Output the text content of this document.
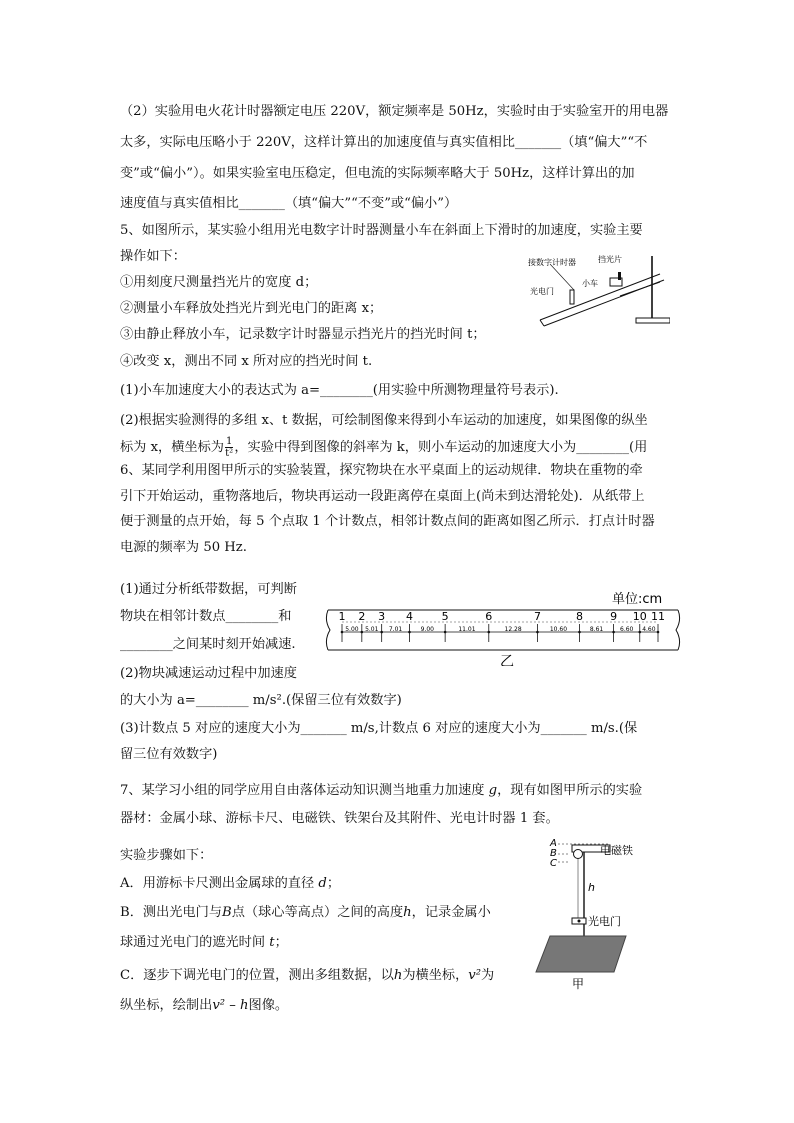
（2）实验用电火花计时器额定电压 220V，额定频率是 50Hz，实验时由于实验室开的用电器
太多，实际电压略小于 220V，这样计算出的加速度值与真实值相比_______（填“偏大”“不
变”或“偏小”）。如果实验室电压稳定，但电流的实际频率略大于 50Hz，这样计算出的加
速度值与真实值相比_______（填“偏大”“不变”或“偏小”）
5、如图所示，某实验小组用光电数字计时器测量小车在斜面上下滑时的加速度，实验主要
操作如下：
①用刻度尺测量挡光片的宽度 d；
②测量小车释放处挡光片到光电门的距离 x；
③由静止释放小车，记录数字计时器显示挡光片的挡光时间 t；
④改变 x，测出不同 x 所对应的挡光时间 t.
(1)小车加速度大小的表达式为 a=________(用实验中所测物理量符号表示).
(2)根据实验测得的多组 x、t 数据，可绘制图像来得到小车运动的加速度，如果图像的纵坐
标为 x，横坐标为 $\frac{1}{\text{t²}}$ ，实验中得到图像的斜率为 k，则小车运动的加速度大小为________(用
接数字计时器	挡光片
小车
光电门
6、某同学利用图甲所示的实验装置，探究物块在水平桌面上的运动规律．物块在重物的牵
引下开始运动，重物落地后，物块再运动一段距离停在桌面上(尚未到达滑轮处)．从纸带上
便于测量的点开始，每 5 个点取 1 个计数点，相邻计数点间的距离如图乙所示．打点计时器
电源的频率为 50 Hz.
(1)通过分析纸带数据，可判断
物块在相邻计数点________和
________之间某时刻开始减速.
(2)物块减速运动过程中加速度
的大小为 a=________ m/s².(保留三位有效数字)
(3)计数点 5 对应的速度大小为_______ m/s,计数点 6 对应的速度大小为_______ m/s.(保
留三位有效数字)
单位:cm
1 2 3 4	5	6	7	8 9 10 11
5.00 5.01 7.01	9.00	11.01	12.28	10.60	8.61	6.60 4.60
乙
7、某学习小组的同学应用自由落体运动知识测当地重力加速度 g，现有如图甲所示的实验
器材：金属小球、游标卡尺、电磁铁、铁架台及其附件、光电计时器 1 套。
实验步骤如下：
A．用游标卡尺测出金属球的直径 d；
B．测出光电门与B点（球心等高点）之间的高度h，记录金属小
球通过光电门的遮光时间 t；
C．逐步下调光电门的位置，测出多组数据，以h为横坐标，v²为
纵坐标，绘制出v² – h图像。
A
B
C
电磁铁
h
光电门
甲
